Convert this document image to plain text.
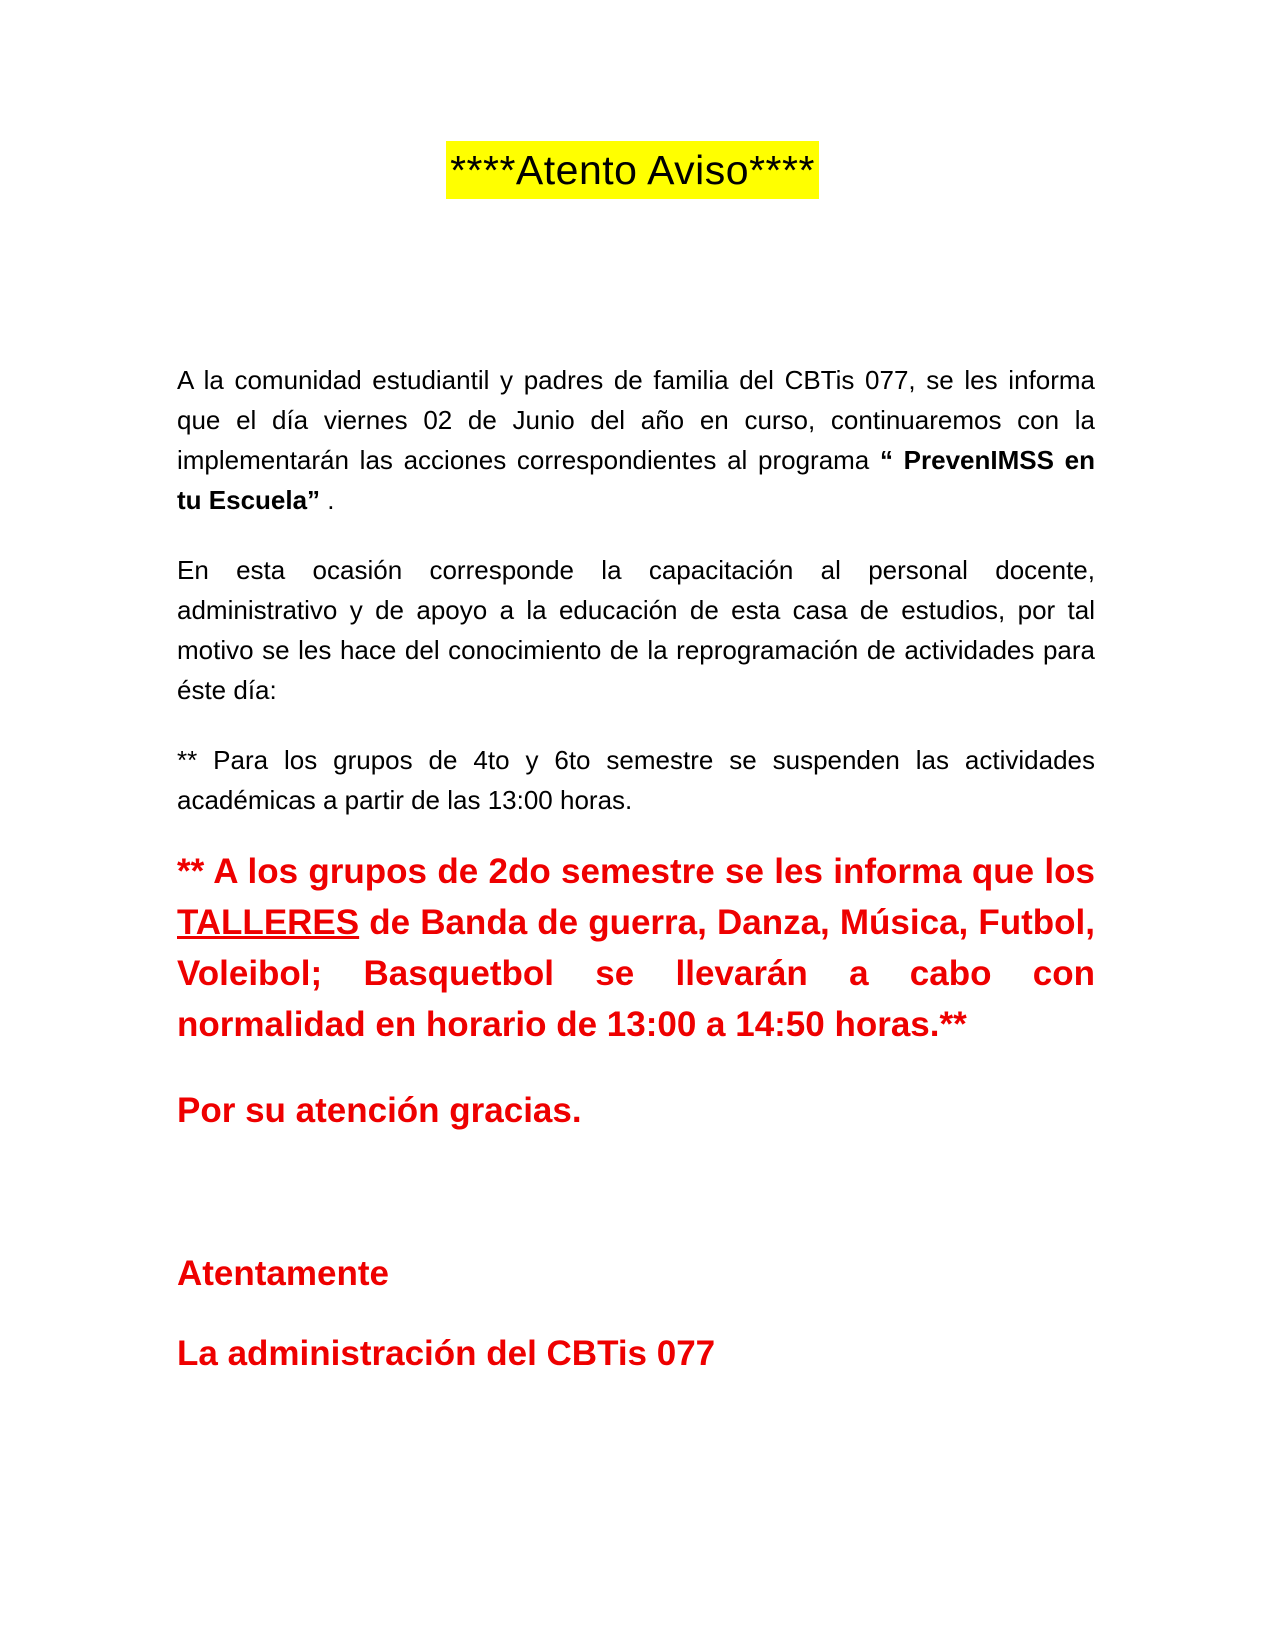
****Atento Aviso****

A la comunidad estudiantil y padres de familia del CBTis 077, se les informa que el día viernes 02 de Junio del año en curso, continuaremos con la implementarán las acciones correspondientes al programa “ PrevenIMSS en tu Escuela” .

En esta ocasión corresponde la capacitación al personal docente, administrativo y de apoyo a la educación de esta casa de estudios, por tal motivo se les hace del conocimiento de la reprogramación de actividades para éste día:

** Para los grupos de 4to y 6to semestre se suspenden las actividades académicas a partir de las 13:00 horas.

** A los grupos de 2do semestre se les informa que los TALLERES de Banda de guerra, Danza, Música, Futbol, Voleibol; Basquetbol se llevarán a cabo con normalidad en horario de 13:00 a 14:50 horas.**

Por su atención gracias.

Atentamente
La administración del CBTis 077
